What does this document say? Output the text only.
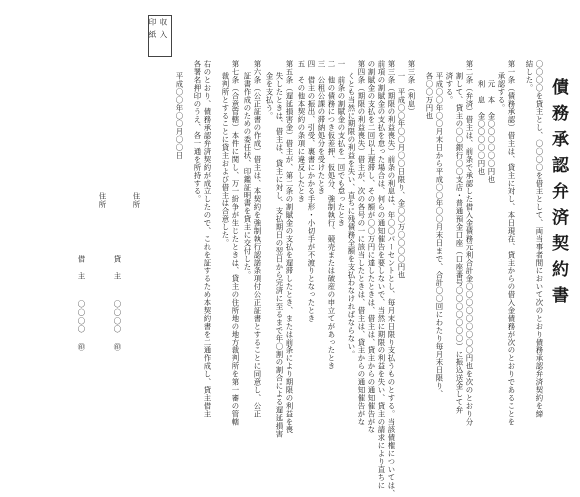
債務承認弁済契約書
収入
印紙
〇〇〇〇を貸主とし、〇〇〇〇を借主として、両当事者間において次のとおり債務承認弁済契約を締
結した。
第一条（債務承認）借主は、貸主に対し、本日現在、貸主からの借入金債務が次のとおりであることを
承認する。
元　本　金〇〇〇〇〇〇円也
利　息　金〇〇〇〇〇円也
第二条（弁済）借主は、前条で承認した借入金債務元利合計金〇〇〇〇〇〇〇〇〇円也を次のとおり分
割して、貸主の〇〇銀行〇〇支店・普通預金口座（口座番号〇〇〇〇〇〇〇）に振込送金して弁
済する。
平成〇〇年〇〇月末日から平成〇〇年〇〇月末日まで、合計〇〇回にわたり毎月末日限り、
各〇〇万円也
第三条（利息）
一　平成〇〇年〇〇月〇〇日限り、金〇〇万〇〇〇〇円也
第三条（期限の利益喪失）前条の利息は、年〇〇パーセントとし、毎月末日限り支払うものとする。当該債権については、
前項の割賦金の支払を怠った場合は、何らの通知催告を要しないで、当然に期限の利益を失い、貸主の請求により直ちに
の割賦金の支払を二回以上遅滞し、その額が〇〇万円に達したときは、借主は、貸主からの通知催告がな
第四条（期限の利益喪失）借主が、次の各号の一に該当したときは、借主は、貸主からの通知催告がな
くとも当然に期限の利益を失い、直ちに残債務全額を支払わなければならない。
一　前条の割賦金の支払を一回でも怠ったとき
二　他の債務につき仮差押、仮処分、強制執行、競売または破産の申立てがあったとき
三　公租公課の滞納処分を受けたとき
四　借主の振出、引受、裏書にかかる手形・小切手が不渡りとなったとき
五　その他本契約の条項に違反したとき
第五条（遅延損害金）借主が、第二条の割賦金の支払を遅滞したとき、または前条により期限の利益を喪
失したときは、借主は、貸主に対し、支払期日の翌日から完済に至るまで年〇割の割合による遅延損害
金を支払う。
第六条（公正証書の作成）借主は、本契約を強制執行認諾条項付公正証書とすることに同意し、公正
証書作成のための委任状、印鑑証明書を貸主に交付した。
第七条（合意管轄）本件に関し、万一紛争が生じたときは、貸主の住所地の地方裁判所を第一審の管轄
裁判所とすることに貸主および借主は合意した。
右のとおり、債務承認弁済契約が成立したので、これを証するため本契約書を二通作成し、貸主借主
各署名押印のうえ、各一通を所持する。
平成〇〇年〇〇月〇〇日
住所
貸　主
〇〇〇〇
㊞
住所
借　主
〇〇〇〇
㊞
